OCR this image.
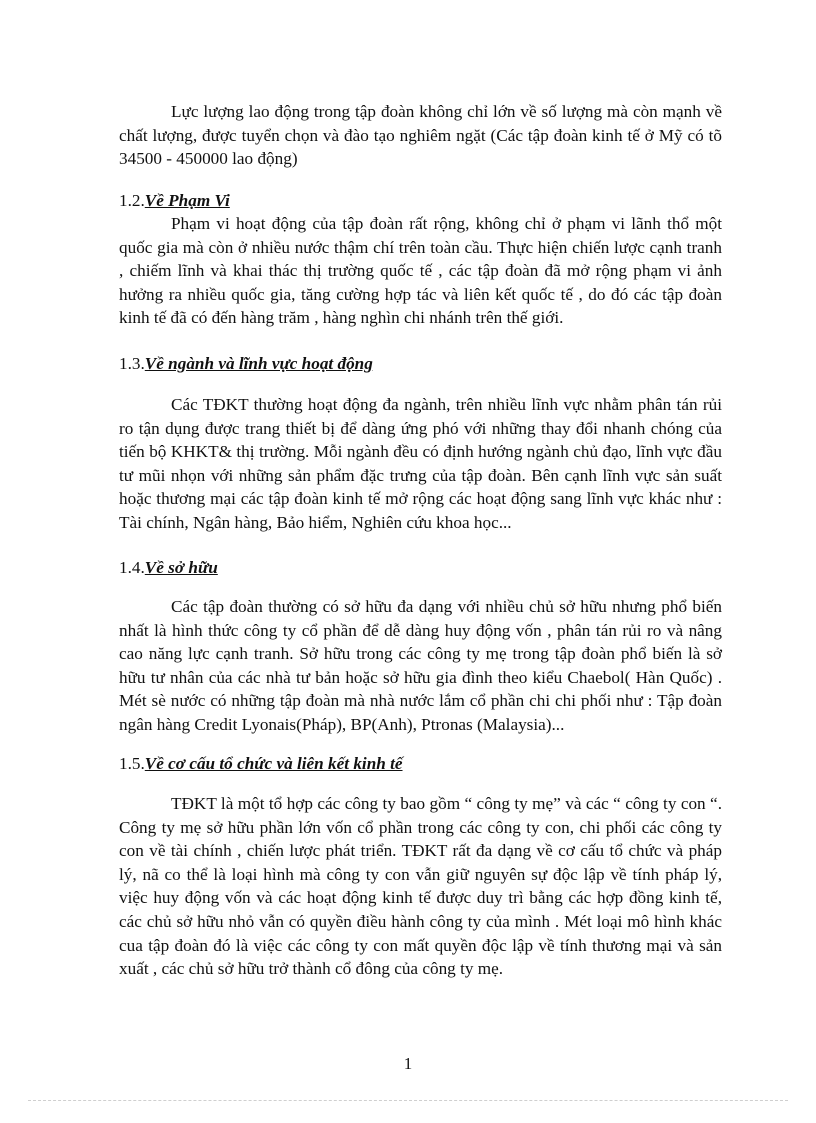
Lực lượng lao động trong tập đoàn không chỉ lớn về số lượng mà còn mạnh về chất lượng, được tuyển chọn và đào tạo nghiêm ngặt (Các tập đoàn kinh tế ở Mỹ có tõ 34500 - 450000 lao động)

1.2.Về Phạm Vi

Phạm vi hoạt động của tập đoàn rất rộng, không chỉ ở phạm vi lãnh thổ một quốc gia mà còn ở nhiều nước thậm chí trên toàn cầu. Thực hiện chiến lược cạnh tranh , chiếm lĩnh và khai thác thị trường quốc tế , các tập đoàn đã mở rộng phạm vi ảnh hưởng ra nhiều quốc gia, tăng cường hợp tác và liên kết quốc tế , do đó các tập đoàn kinh tế đã có đến hàng trăm , hàng nghìn chi nhánh trên thế giới.

1.3.Về ngành và lĩnh vực hoạt động

Các TĐKT thường hoạt động đa ngành, trên nhiều lĩnh vực nhằm phân tán rủi ro tận dụng được trang thiết bị để dàng ứng phó với những thay đổi nhanh chóng của tiến bộ KHKT& thị trường. Mỗi ngành đều có định hướng ngành chủ đạo, lĩnh vực đầu tư mũi nhọn với những sản phẩm đặc trưng của tập đoàn. Bên cạnh lĩnh vực sản suất hoặc thương mại các tập đoàn kinh tế mở rộng các hoạt động sang lĩnh vực khác như : Tài chính, Ngân hàng, Bảo hiểm, Nghiên cứu khoa học...

1.4.Về sở hữu

Các tập đoàn thường có sở hữu đa dạng với nhiều chủ sở hữu nhưng phổ biến nhất là hình thức công ty cổ phần để dễ dàng huy động vốn , phân tán rủi ro và nâng cao năng lực cạnh tranh. Sở hữu trong các công ty mẹ trong tập đoàn phổ biến là sở hữu tư nhân của các nhà tư bản hoặc sở hữu gia đình theo kiểu Chaebol( Hàn Quốc) . Mét sè nước có những tập đoàn mà nhà nước lắm cổ phần chi chi phối như : Tập đoàn ngân hàng Credit Lyonais(Pháp), BP(Anh), Ptronas (Malaysia)...

1.5.Về cơ cấu tổ chức và liên kết kinh tế

TĐKT là một tổ hợp các công ty bao gồm “ công ty mẹ” và các “ công ty con “. Công ty mẹ sở hữu phần lớn vốn cổ phần trong các công ty con, chi phối các công ty con về tài chính , chiến lược phát triển. TĐKT rất đa dạng về cơ cấu tổ chức và pháp lý, nã co thể là loại hình mà công ty con vẫn giữ nguyên sự độc lập về tính pháp lý, việc huy động vốn và các hoạt động kinh tế được duy trì bằng các hợp đồng kinh tế, các chủ sở hữu nhỏ vẫn có quyền điều hành công ty của mình . Mét loại mô hình khác cua tập đoàn đó là việc các công ty con mất quyền độc lập về tính thương mại và sản xuất , các chủ sở hữu trở thành cổ đông của công ty mẹ.

1
